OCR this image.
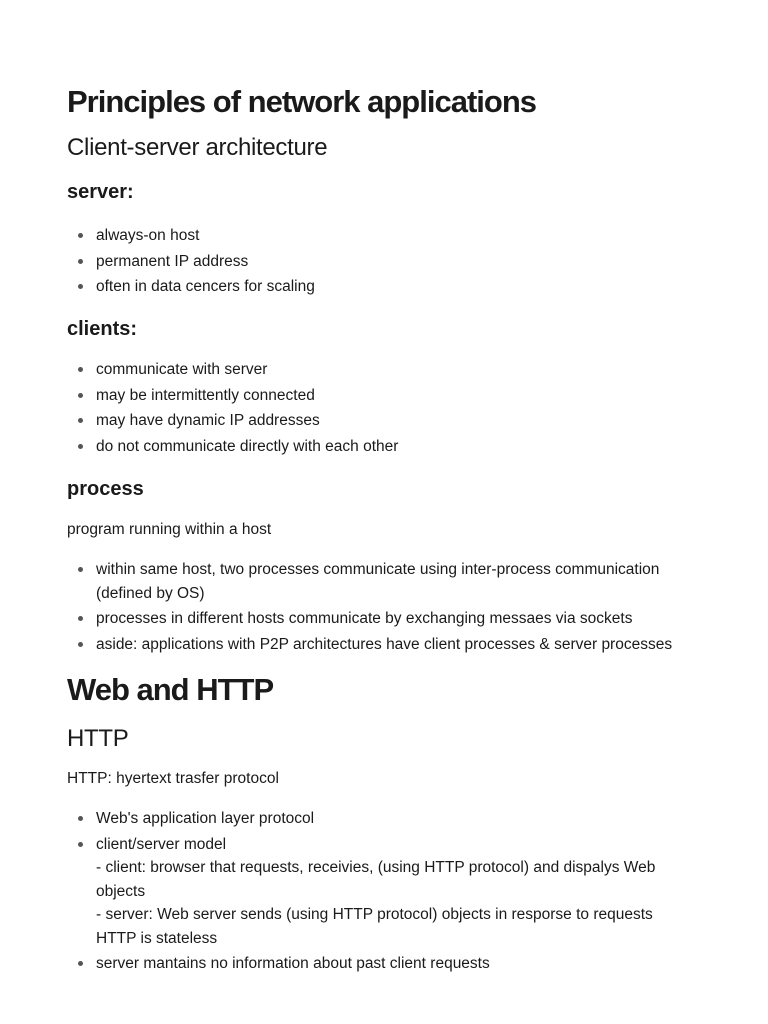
Principles of network applications
Client-server architecture
server:
always-on host
permanent IP address
often in data cencers for scaling
clients:
communicate with server
may be intermittently connected
may have dynamic IP addresses
do not communicate directly with each other
process

program running within a host

within same host, two processes communicate using inter-process communication
(defined by OS)
processes in different hosts communicate by exchanging messaes via sockets
aside: applications with P2P architectures have client processes & server processes
Web and HTTP
HTTP

HTTP: hyertext trasfer protocol

Web's application layer protocol
client/server model
- client: browser that requests, receivies, (using HTTP protocol) and dispalys Web
objects
- server: Web server sends (using HTTP protocol) objects in resporse to requests
HTTP is stateless
server mantains no information about past client requests
